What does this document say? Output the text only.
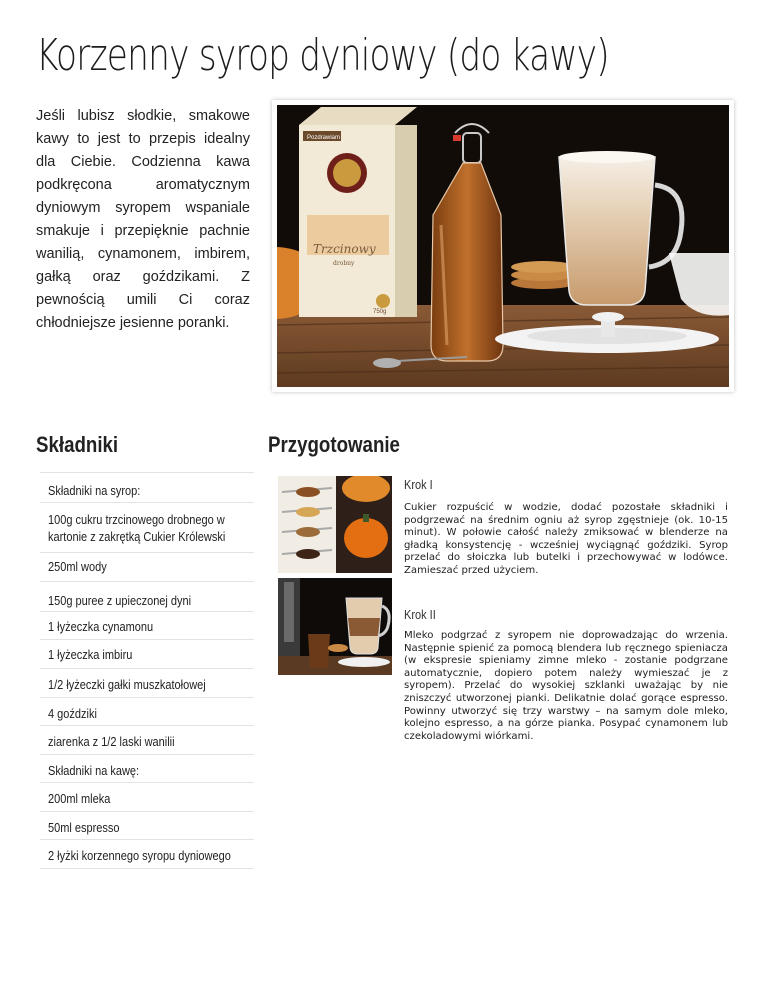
Korzenny syrop dyniowy (do kawy)

Jeśli lubisz słodkie, smakowe kawy to jest to przepis idealny dla Ciebie. Codzienna kawa podkręcona aromatycznym dyniowym syropem wspaniale smakuje i przepięknie pachnie wanilią, cynamonem, imbirem, gałką oraz goździkami. Z pewnością umili Ci coraz chłodniejsze jesienne poranki.

Pozdrawiam
Trzcinowy
drobny
750g
Składniki	Przygotowanie
Składniki na syrop:
100g cukru trzcinowego drobnego w kartonie z zakrętką Cukier Królewski
250ml wody
150g puree z upieczonej dyni
1 łyżeczka cynamonu
1 łyżeczka imbiru
1/2 łyżeczki gałki muszkatołowej
4 goździki
ziarenka z 1/2 laski wanilii
Składniki na kawę:
200ml mleka
50ml espresso
2 łyżki korzennego syropu dyniowego
Krok I

Cukier rozpuścić w wodzie, dodać pozostałe składniki i podgrzewać na średnim ogniu aż syrop zgęstnieje (ok. 10-15 minut). W połowie całość należy zmiksować w blenderze na gładką konsystencję - wcześniej wyciągnąć goździki. Syrop przelać do słoiczka lub butelki i przechowywać w lodówce. Zamieszać przed użyciem.

Krok II

Mleko podgrzać z syropem nie doprowadzając do wrzenia. Następnie spienić za pomocą blendera lub ręcznego spieniacza (w ekspresie spieniamy zimne mleko - zostanie podgrzane automatycznie, dopiero potem należy wymieszać je z syropem). Przelać do wysokiej szklanki uważając by nie zniszczyć utworzonej pianki. Delikatnie dolać gorące espresso. Powinny utworzyć się trzy warstwy – na samym dole mleko, kolejno espresso, a na górze pianka. Posypać cynamonem lub czekoladowymi wiórkami.
